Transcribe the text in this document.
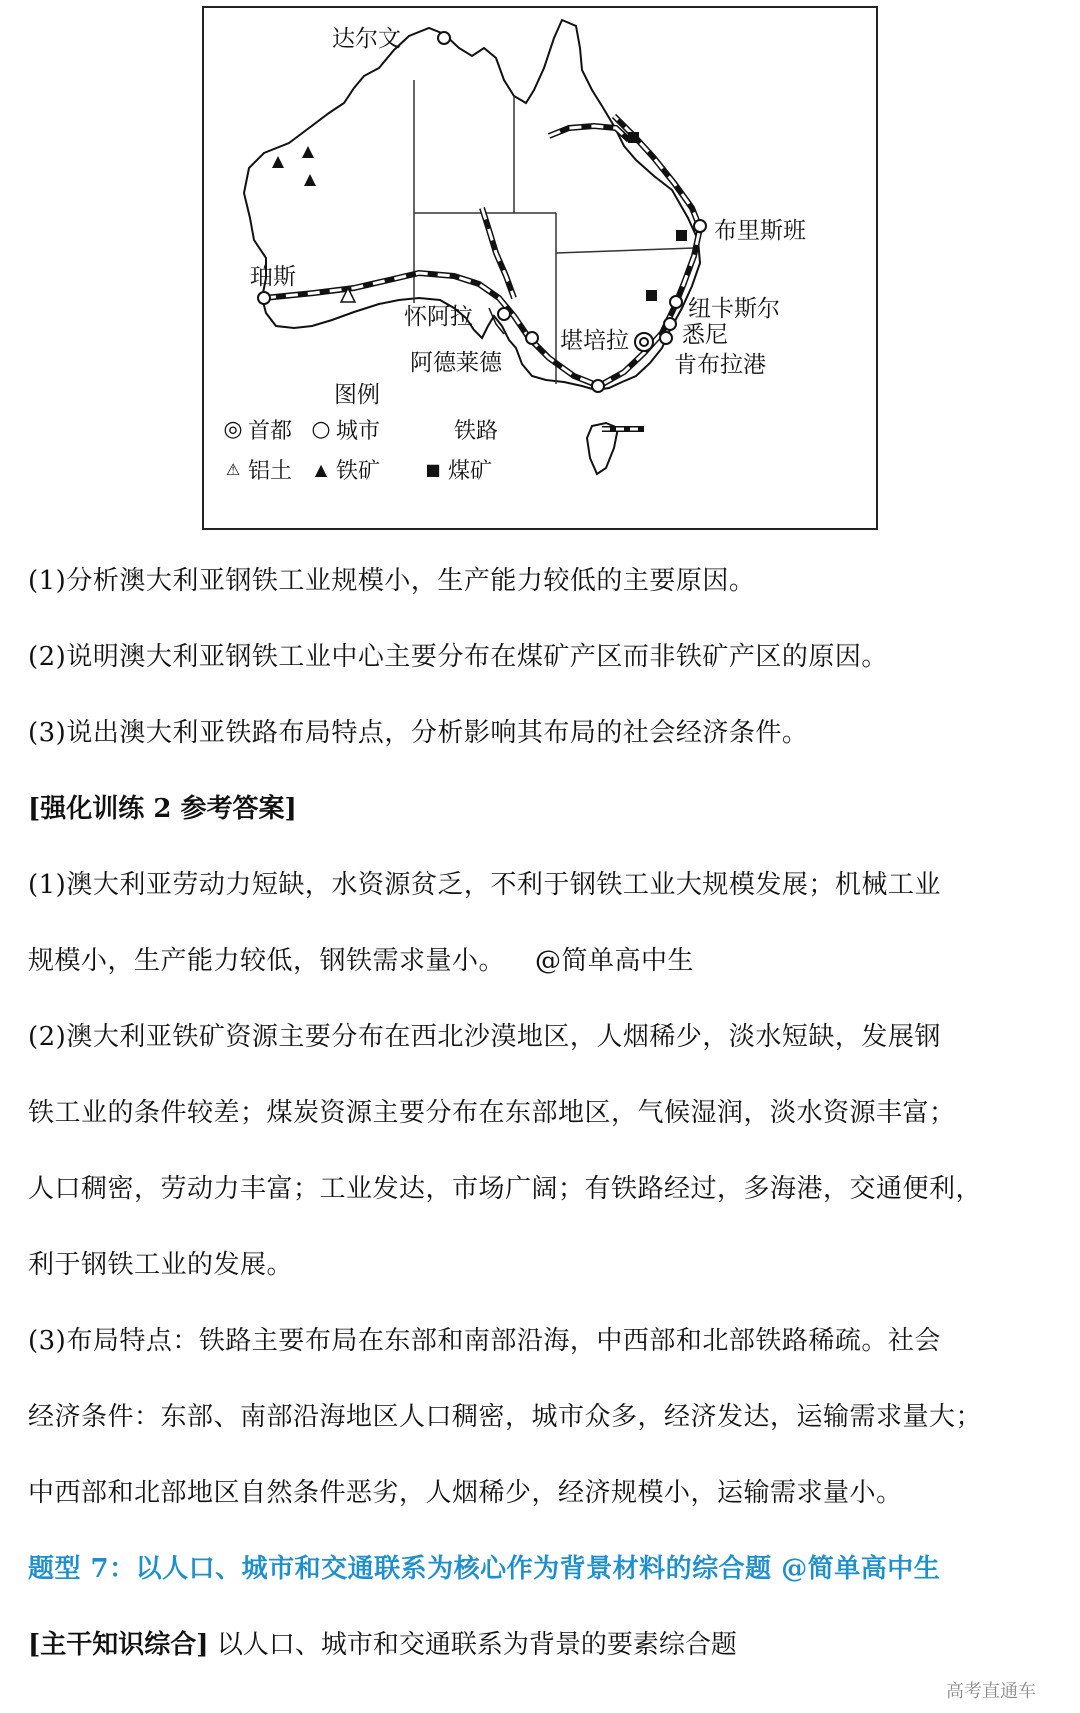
达尔文
珀斯
怀阿拉
阿德莱德
堪培拉
布里斯班
纽卡斯尔
悉尼
肯布拉港
图例
◎ 首都 ○ 城市	铁路
⚠ 铝土	▲ 铁矿	■ 煤矿
(1)分析澳大利亚钢铁工业规模小，生产能力较低的主要原因。
(2)说明澳大利亚钢铁工业中心主要分布在煤矿产区而非铁矿产区的原因。
(3)说出澳大利亚铁路布局特点，分析影响其布局的社会经济条件。
[强化训练 2 参考答案]
(1)澳大利亚劳动力短缺，水资源贫乏，不利于钢铁工业大规模发展；机械工业
规模小，生产能力较低，钢铁需求量小。 @简单高中生
(2)澳大利亚铁矿资源主要分布在西北沙漠地区，人烟稀少，淡水短缺，发展钢
铁工业的条件较差；煤炭资源主要分布在东部地区，气候湿润，淡水资源丰富；
人口稠密，劳动力丰富；工业发达，市场广阔；有铁路经过，多海港，交通便利，
利于钢铁工业的发展。
(3)布局特点：铁路主要布局在东部和南部沿海，中西部和北部铁路稀疏。社会
经济条件：东部、南部沿海地区人口稠密，城市众多，经济发达，运输需求量大；
中西部和北部地区自然条件恶劣，人烟稀少，经济规模小，运输需求量小。
题型 7：以人口、城市和交通联系为核心作为背景材料的综合题 @简单高中生
[主干知识综合] 以人口、城市和交通联系为背景的要素综合题
高考直通车
